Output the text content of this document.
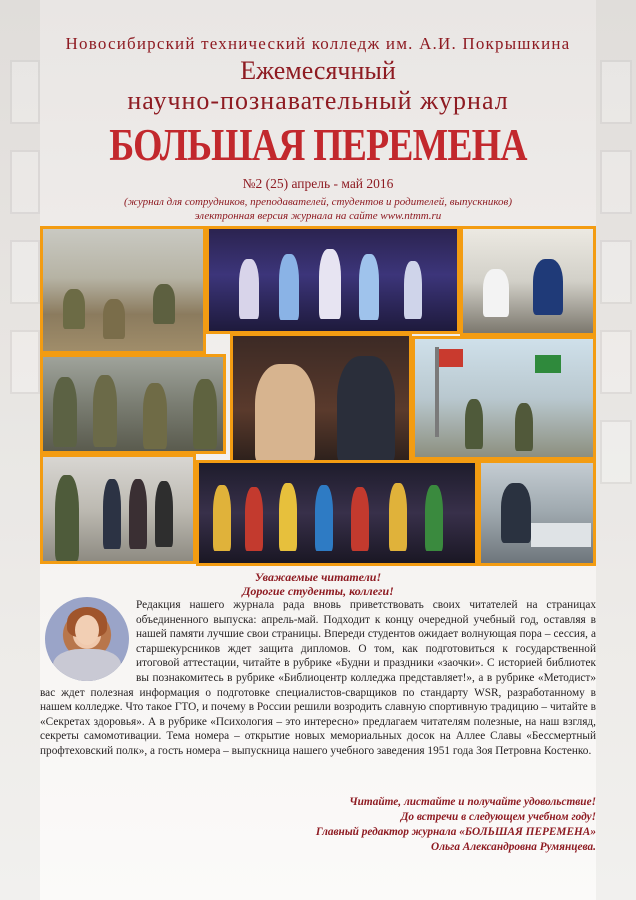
Новосибирский технический колледж им. А.И. Покрышкина
Ежемесячный
научно-познавательный журнал
БОЛЬШАЯ ПЕРЕМЕНА
№2 (25) апрель - май 2016
(журнал для сотрудников, преподавателей, студентов и родителей, выпускников)
электронная версия журнала на сайте www.ntmm.ru
Уважаемые читатели!
Дорогие студенты, коллеги!

Редакция нашего журнала рада вновь приветствовать своих читателей на страницах объединенного выпуска: апрель-май. Подходит к концу очередной учебный год, оставляя в нашей памяти лучшие свои страницы. Впереди студентов ожидает волнующая пора – сессия, а старшекурсников ждет защита дипломов. О том, как подготовиться к государственной итоговой аттестации, читайте в рубрике «Будни и праздники «заочки». С историей библиотек вы познакомитесь в рубрике «Библиоцентр колледжа представляет!», а в рубрике «Методист» вас ждет полезная информация о подготовке специалистов-сварщиков по стандарту WSR, разработанному в нашем колледже. Что такое ГТО, и почему в России решили возродить славную спортивную традицию – читайте в «Секретах здоровья». А в рубрике «Психология – это интересно» предлагаем читателям полезные, на наш взгляд, секреты самомотивации. Тема номера – открытие новых мемориальных досок на Аллее Славы «Бессмертный профтеховский полк», а гость номера – выпускница нашего учебного заведения 1951 года Зоя Петровна Костенко.

Читайте, листайте и получайте удовольствие!
До встречи в следующем учебном году!
Главный редактор журнала «БОЛЬШАЯ ПЕРЕМЕНА»
Ольга Александровна Румянцева.
